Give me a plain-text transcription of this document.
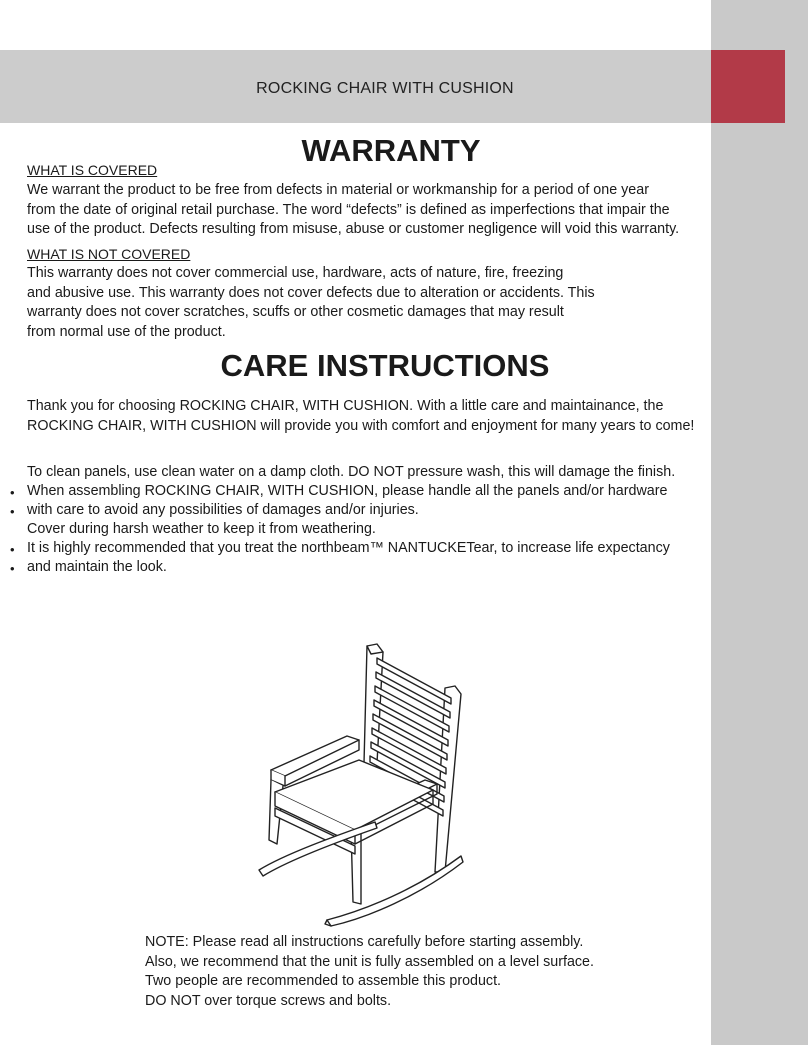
ROCKING CHAIR WITH CUSHION
WARRANTY
WHAT IS COVERED
We warrant the product to be free from defects in material or workmanship for a period of one year
from the date of original retail purchase. The word “defects” is defined as imperfections that impair the
use of the product. Defects resulting from misuse, abuse or customer negligence will void this warranty.
WHAT IS NOT COVERED
This warranty does not cover commercial use, hardware, acts of nature, fire, freezing
and abusive use. This warranty does not cover defects due to alteration or accidents. This
warranty does not cover scratches, scuffs or other cosmetic damages that may result
from normal use of the product.
CARE INSTRUCTIONS
Thank you for choosing ROCKING CHAIR, WITH CUSHION. With a little care and maintainance, the
ROCKING CHAIR, WITH CUSHION will provide you with comfort and enjoyment for many years to come!
To clean panels, use clean water on a damp cloth. DO NOT pressure wash, this will damage the finish.
• When assembling ROCKING CHAIR, WITH CUSHION, please handle all the panels and/or hardware
• with care to avoid any possibilities of damages and/or injuries.
Cover during harsh weather to keep it from weathering.
• It is highly recommended that you treat the northbeam™ NANTUCKETear, to increase life expectancy
• and maintain the look.
NOTE: Please read all instructions carefully before starting assembly.
Also, we recommend that the unit is fully assembled on a level surface.
Two people are recommended to assemble this product.
DO NOT over torque screws and bolts.
